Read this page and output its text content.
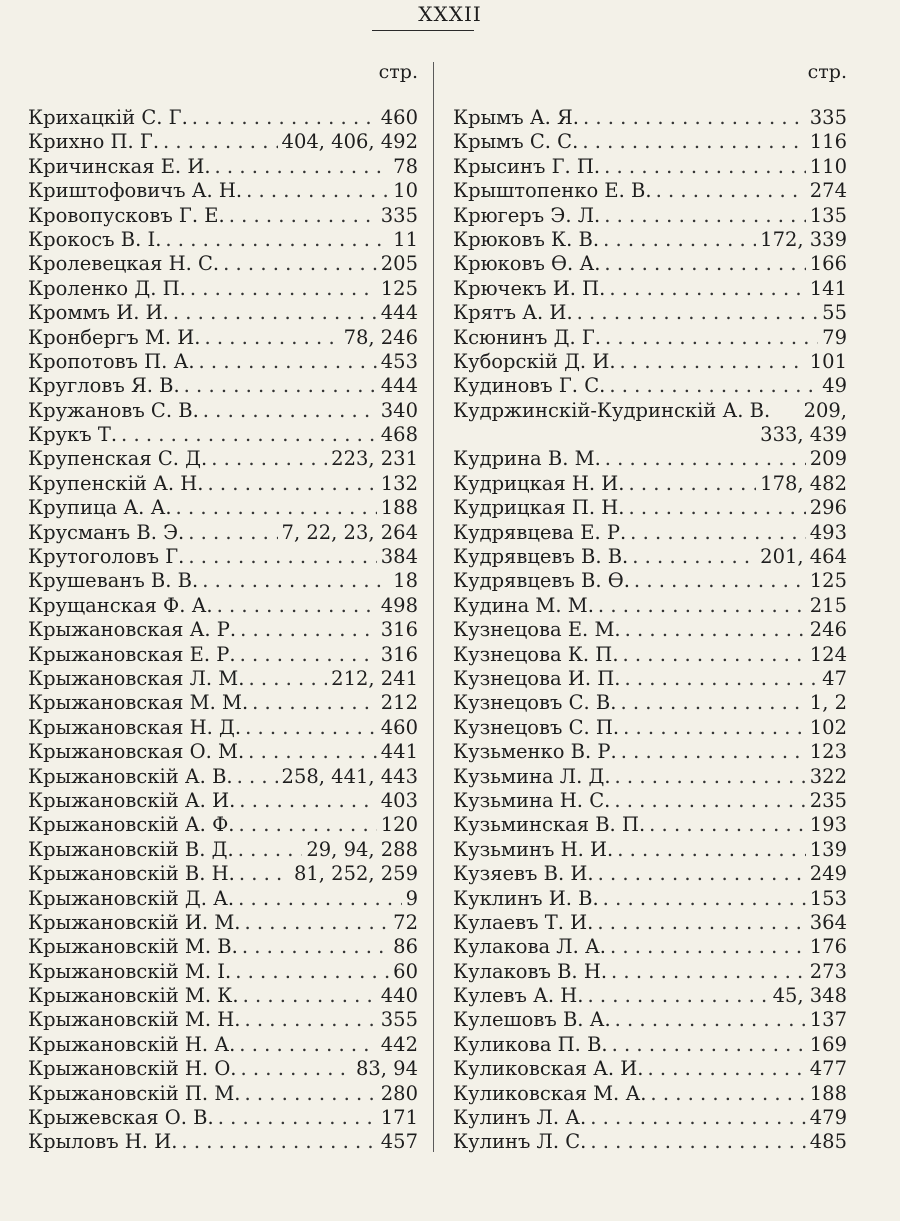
XXXII
стр.
Крихацкій С. Г. . . .	460
Крихно П. Г. . . .	404, 406, 492
Кричинская Е. И. . . .	78
Криштофовичъ А. Н. . . .	10
Кровопусковъ Г. Е. . . .	335
Крокосъ В. І. . . .	11
Кролевецкая Н. С. . . .	205
Кроленко Д. П. . . .	125
Кроммъ И. И. . . .	444
Кронбергъ М. И. . . .	78, 246
Кропотовъ П. А. . . .	453
Кругловъ Я. В. . . .	444
Кружановъ С. В. . . .	340
Крукъ Т. . . .	468
Крупенская С. Д. . . .	223, 231
Крупенскій А. Н. . . .	132
Крупица А. А. . . .	188
Крусманъ В. Э. . . .	7, 22, 23, 264
Крутоголовъ Г. . . .	384
Крушеванъ В. В. . . .	18
Крущанская Ф. А. . . .	498
Крыжановская А. Р. . . .	316
Крыжановская Е. Р. . . .	316
Крыжановская Л. М. . . .	212, 241
Крыжановская М. М. . . .	212
Крыжановская Н. Д. . . .	460
Крыжановская О. М. . . .	441
Крыжановскій А. В. . . .	258, 441, 443
Крыжановскій А. И. . . .	403
Крыжановскій А. Ф. . . .	120
Крыжановскій В. Д. . . .	29, 94, 288
Крыжановскій В. Н. . . .	81, 252, 259
Крыжановскій Д. А. . . .	9
Крыжановскій И. М. . . .	72
Крыжановскій М. В. . . .	86
Крыжановскій М. І. . . .	60
Крыжановскій М. К. . . .	440
Крыжановскій М. Н. . . .	355
Крыжановскій Н. А. . . .	442
Крыжановскій Н. О. . . .	83, 94
Крыжановскій П. М. . . .	280
Крыжевская О. В. . . .	171
Крыловъ Н. И. . . .	457
стр.
Крымъ А. Я. . . .	335
Крымъ С. С. . . .	116
Крысинъ Г. П. . . .	110
Крыштопенко Е. В. . . .	274
Крюгеръ Э. Л. . . .	135
Крюковъ К. В. . . .	172, 339
Крюковъ Ѳ. А. . . .	166
Крючекъ И. П. . . .	141
Крятъ А. И. . . .	55
Ксюнинъ Д. Г. . . .	79
Куборскій Д. И. . . .	101
Кудиновъ Г. С. . . .	49
Кудржинскій-Кудринскій А. В.	209,
333, 439
Кудрина В. М. . . .	209
Кудрицкая Н. И. . . .	178, 482
Кудрицкая П. Н. . . .	296
Кудрявцева Е. Р. . . .	493
Кудрявцевъ В. В. . . .	201, 464
Кудрявцевъ В. Ѳ. . . .	125
Кудина М. М. . . .	215
Кузнецова Е. М. . . .	246
Кузнецова К. П. . . .	124
Кузнецова И. П. . . .	47
Кузнецовъ С. В. . . .	1, 2
Кузнецовъ С. П. . . .	102
Кузьменко В. Р. . . .	123
Кузьмина Л. Д. . . .	322
Кузьмина Н. С. . . .	235
Кузьминская В. П. . . .	193
Кузьминъ Н. И. . . .	139
Кузяевъ В. И. . . .	249
Куклинъ И. В. . . .	153
Кулаевъ Т. И. . . .	364
Кулакова Л. А. . . .	176
Кулаковъ В. Н. . . .	273
Кулевъ А. Н. . . .	45, 348
Кулешовъ В. А. . . .	137
Куликова П. В. . . .	169
Куликовская А. И. . . .	477
Куликовская М. А. . . .	188
Кулинъ Л. А. . . .	479
Кулинъ Л. С. . . .	485
